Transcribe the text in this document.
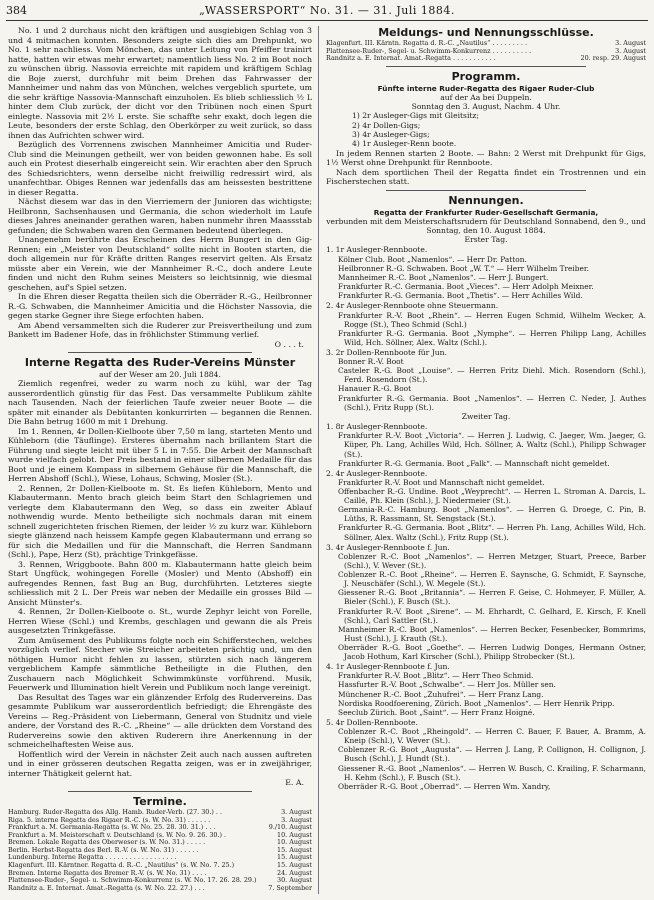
384	„WASSERSPORT“ No. 31. — 31. Juli 1884.

No. 1 und 2 durchaus nicht den kräftigen und ausgiebigen Schlag von 3 und 4 mitmachen konnten. Besonders zeigte sich dies am Drehpunkt, wo No. 1 sehr nachliess. Vom Mönchen, das unter Leitung von Pfeiffer trainirt hatte, hatten wir etwas mehr erwartet; namentlich liess No. 2 im Boot noch zu wünschen übrig. Nassovia erreichte mit rapidem und kräftigem Schlag die Boje zuerst, durchfuhr mit beim Drehen das Fahrwasser der Mannheimer und nahm das von München, welches vergeblich spurtete, um die sehr kräftige Nassovia-Mannschaft einzuholen. Es blieb schliesslich ½ L hinter dem Club zurück, der dicht vor den Tribünen noch einen Spurt einlegte. Nassovia mit 2½ L erste. Sie schaffte sehr exakt, doch legen die Leute, besonders der erste Schlag, den Oberkörper zu weit zurück, so dass ihnen das Aufrichten schwer wird.

Bezüglich des Vorrennens zwischen Mannheimer Amicitia und Ruder-Club sind die Meinungen getheilt, wer von beiden gewonnen habe. Es soll auch ein Protest dieserhalb eingereicht sein. Wir erachten aber den Spruch des Schiedsrichters, wenn derselbe nicht freiwillig redressirt wird, als unanfechtbar. Obiges Rennen war jedenfalls das am heissesten bestrittene in dieser Regatta.

Nächst diesem war das in den Vierriemern der Junioren das wichtigste; Heilbronn, Sachsenhausen und Germania, die schon wiederholt im Laufe dieses Jahres aneinander gerathen waren, haben nunmehr ihren Maassstab gefunden; die Schwaben waren den Germanen bedeutend überlegen.

Unangenehm berührte das Erscheinen des Herrn Bungert in den Gig-Rennen; ein „Meister von Deutschland“ sollte nicht in Booten starten, die doch allgemein nur für Kräfte dritten Ranges reservirt gelten. Als Ersatz müsste aber ein Verein, wie der Mannheimer R.-C., doch andere Leute finden und nicht den Ruhm seines Meisters so leichtsinnig, wie diesmal geschehen, auf's Spiel setzen.

In die Ehren dieser Regatta theilen sich die Oberräder R.-G., Heilbronner R.-G. Schwaben, die Mannheimer Amicitia und die Höchster Nassovia, die gegen starke Gegner ihre Siege erfochten haben.

Am Abend versammelten sich die Ruderer zur Preisvertheilung und zum Bankett im Badener Hofe, das in fröhlichster Stimmung verlief.

O . . . t.
Interne Regatta des Ruder-Vereins Münster
auf der Weser am 20. Juli 1884.

Ziemlich regenfrei, weder zu warm noch zu kühl, war der Tag ausserordentlich günstig für das Fest. Das versammelte Publikum zählte nach Tausenden. Nach der feierlichen Taufe zweier neuer Boote — die später mit einander als Debütanten konkurrirten — begannen die Rennen. Die Bahn betrug 1600 m mit 1 Drehung.

Im 1. Rennen, 4r Dollen-Kielboote über 7,50 m lang, starteten Mento und Kühleborn (die Täuflinge). Ersteres übernahm nach brillantem Start die Führung und siegte leicht mit über 5 L in 7:55. Die Arbeit der Mannschaft wurde vielfach gelobt. Der Preis bestand in einer silbernen Medaille für das Boot und je einem Kompass in silbernem Gehäuse für die Mannschaft, die Herren Abshoff (Schl.), Wiese, Lohaus, Schwing, Mosler (St.).

2. Rennen, 2r Dollen-Kielboote m. St. Es liefen Kühleborn, Mento und Klabautermann. Mento brach gleich beim Start den Schlagriemen und verlegte dem Klabautermann den Weg, so dass ein zweiter Ablauf nothwendig wurde. Mento betheiligte sich nochmals daran mit einem schnell zugerichteten frischen Riemen, der leider ½ zu kurz war. Kühleborn siegte glänzend nach heissem Kampfe gegen Klabautermann und errang so für sich die Medaillen und für die Mannschaft, die Herren Sandmann (Schl.), Pape, Herz (St), prächtige Trinkgefässe.

3. Rennen, Wriggboote. Bahn 800 m. Klabautermann hatte gleich beim Start Ungfück, wohingegen Forelle (Mosler) und Mento (Abshoff) ein aufregendes Rennen, fast Bug an Bug, durchführten. Letzteres siegte schliesslich mit 2 L. Der Preis war neben der Medaille ein grosses Bild — Ansicht Münster's.

4. Rennen, 2r Dollen-Kielboote o. St., wurde Zephyr leicht von Forelle, Herren Wiese (Schl.) und Krembs, geschlagen und gewann die als Preis ausgesetzten Trinkgefässe.

Zum Amüsement des Publikums folgte noch ein Schifferstechen, welches vorzüglich verlief. Stecher wie Streicher arbeiteten prächtig und, um den nöthigen Humor nicht fehlen zu lassen, stürzten sich nach längerem vergeblichem Kampfe sämmtliche Betheiligte in die Fluthen, den Zuschauern nach Möglichkeit Schwimmkünste vorführend. Musik, Feuerwerk und Illumination hielt Verein und Publikum noch lange vereinigt.

Das Resultat des Tages war ein glänzender Erfolg des Rudervereins. Das gesammte Publikum war ausserordentlich befriedigt; die Ehrengäste des Vereins — Reg.-Präsident von Liebermann, General von Studnitz und viele andere, der Vorstand des R.-C. „Rheine“ — alle drückten dem Vorstand des Rudervereins sowie den aktiven Ruderern ihre Anerkennung in der schmeichelhaftesten Weise aus.

Hoffentlich wird der Verein in nächster Zeit auch nach aussen auftreten und in einer grösseren deutschen Regatta zeigen, was er in zweijähriger, interner Thätigkeit gelernt hat.

E. A.
Termine.
Hamburg. Ruder-Regatta des Allg. Hamb. Ruder-Verb. (27. 30.) . .	3. August
Riga. 5. interne Regatta des Rigaer R.-C. (s. W. No. 31) . . . . . .	3. August
Frankfurt a. M. Germania-Regatta (s. W. No. 25. 28. 30. 31.) . . .	9./10. August
Frankfurt a. M. Meisterschaft v. Deutschland (s. W. No. 9. 26. 30.) .	10. August
Bremen. Lokale Regatta des Oberweser (s. W. No. 31.) . . . . .	10. August
Berlin. Herbst-Regatta des Berl. R.-V. (s. W. No. 31) . . . . . .	15. August
Lundenburg. Interne Regatta . . . . . . . . . . . . . . . . . .	15. August
Klagenfurt. III. Kärntner. Regatta d. R.-C. „Nautilus“ (s. W. No. 7. 25.)	15. August
Bremen. Interne Regatta des Bremer R.-V. (s. W. No. 31) . . . .	24. August
Plattensee-Ruder-, Segel- u. Schwimm-Konkurrenz (s. W. No. 17. 26. 28. 29.)	30. August
Randnitz a. E. Internat. Amat.-Regatta (s. W. No. 22. 27.) . . .	7. September
Meldungs- und Nennungsschlüsse.
Klagenfurt. III. Kärntn. Regatta d. R.-C. „Nautilus“ . . . . . . . . .	3. August
Plattensee-Ruder-, Segel- u. Schwimm-Konkurrenz . . . . . . . . . .	3. August
Randnitz a. E. Internat. Amat.-Regatta . . . . . . . . . . .	20. resp. 29. August
Programm.
Fünfte interne Ruder-Regatta des Rigaer Ruder-Club
auf der Aa bei Duppeln.
Sonntag den 3. August, Nachm. 4 Uhr.
1) 2r Ausleger-Gigs mit Gleitsitz;
2) 4r Dollen-Gigs;
3) 4r Ausleger-Gigs;
4) 1r Ausleger-Renn boote.

In jedem Rennen starten 2 Boote. — Bahn: 2 Werst mit Drehpunkt für Gigs, 1½ Werst ohne Drehpunkt für Rennboote.

Nach dem sportlichen Theil der Regatta findet ein Trostrennen und ein Fischerstechen statt.

Nennungen.
Regatta der Frankfurter Ruder-Gesellschaft Germania,
verbunden mit dem Meisterschaftsrudern für Deutschland Sonnabend, den 9., und Sonntag, den 10. August 1884.
Erster Tag.
1. 1r Ausleger-Rennboote.
Kölner Club. Boot „Namenlos“. — Herr Dr. Patton.
Heilbronner R.-G. Schwaben. Boot „W. T.“ — Herr Wilhelm Treiber.
Mannheimer R.-C. Boot „Namenlos“. — Herr J. Bungert.
Frankfurter R.-C. Germania. Boot „Vieces“. — Herr Adolph Meixner.
Frankfurter R.-G. Germania. Boot „Thetis“. — Herr Achilles Wild.
2. 4r Ausleger-Rennboote ohne Steuermann.
Frankfurter R.-V. Boot „Rhein“. — Herren Eugen Schmid, Wilhelm Wecker, A. Rogge (St.), Theo Schmid (Schl.)
Frankfurter R.-G. Germania. Boot „Nymphe“. — Herren Philipp Lang, Achilles Wild, Hch. Söllner, Alex. Waltz (Schl.).
3. 2r Dollen-Rennboote für Jun.
Bonner R.-V. Boot
Casteler R.-G. Boot „Louise“. — Herren Fritz Diehl. Mich. Rosendorn (Schl.), Ferd. Rosendorn (St.).
Hanauer R.-G. Boot
Frankfurter R.-G. Germania. Boot „Namenlos“. — Herren C. Neder, J. Authes (Schl.), Fritz Rupp (St.).
Zweiter Tag.
1. 8r Ausleger-Rennboote.
Frankfurter R.-V. Boot „Victoria“. — Herren J. Ludwig, C. Jaeger, Wm. Jaeger, G. Küper, Ph. Lang, Achilles Wild, Hch. Söllner, A. Waltz (Schl.), Philipp Schwager (St.).
Frankfurter R.-G. Germania. Boot „Falk“. — Mannschaft nicht gemeldet.
2. 4r Ausleger-Rennboote.
Frankfurter R.-V. Boot und Mannschaft nicht gemeldet.
Offenbacher R.-G. Undine. Boot „Weyprecht“. — Herren L. Stroman A. Darcis, L. Caillé, Ph. Klein (Schl.), J. Niedermeier (St.).
Germania-R.-C. Hamburg. Boot „Namenlos“. — Herren G. Droege, C. Pin, B. Lüths, R. Rassmann, St. Sengstack (St.).
Frankfurter R.-G. Germania. Boot „Blitz“. — Herren Ph. Lang, Achilles Wild, Hch. Söllner, Alex. Waltz (Schl.), Fritz Rupp (St.).
3. 4r Ausleger-Rennboote f. Jun.
Coblenzer R.-C. Boot „Namenlos“. — Herren Metzger, Stuart, Preece, Barber (Schl.), V. Wever (St.).
Coblenzer R.-C. Boot „Rheine“. — Herren E. Saynsche, G. Schmidt, F. Saynsche, J. Neuschäfer (Schl.), W. Megele (St.).
Giessener R.-G. Boot „Britannia“. — Herren F. Geise, C. Hohmeyer, F. Müller, A. Bieler (Schl.), F. Busch (St.).
Frankfurter R.-V. Boot „Sirene“. — M. Ehrhardt, C. Gelhard, E. Kirsch, F. Knell (Schl.), Carl Sattler (St.).
Mannheimer R.-C. Boot „Namenlos“. — Herren Becker, Fesenbecker, Bommrims, Hust (Schl.), J. Krauth (St.).
Oberräder R.-G. Boot „Goethe“. — Herren Ludwig Donges, Hermann Ostner, Jacob Hothum, Karl Kirscher (Schl.), Philipp Strobecker (St.).
4. 1r Ausleger-Rennboote f. Jun.
Frankfurter R.-V. Boot „Blitz“. — Herr Theo Schmid.
Hassfurter R.-V. Boot „Schwalbe“. — Herr Jos. Müller sen.
Münchener R.-C. Boot „Zuhufrei“. — Herr Franz Lang.
Nordiska Roodfoerening, Zürich. Boot „Namenlos“. — Herr Henrik Pripp.
Seeclub Zürich. Boot „Saint“. — Herr Franz Hoigné.
5. 4r Dollen-Rennboote.
Coblenzer R.-C. Boot „Rheingold“. — Herren C. Bauer, F. Bauer, A. Bramm, A. Kneip (Schl.), V. Wever (St.).
Coblenzer R.-G. Boot „Augusta“. — Herren J. Lang, P. Collignon, H. Collignon, J. Busch (Schl.), J. Hundt (St.).
Giessener R.-G. Boot „Namenlos“. — Herren W. Busch, C. Krailing, F. Scharmann, H. Kehm (Schl.), F. Busch (St.).
Oberräder R.-G. Boot „Oberrad“. — Herren Wm. Xandry,
